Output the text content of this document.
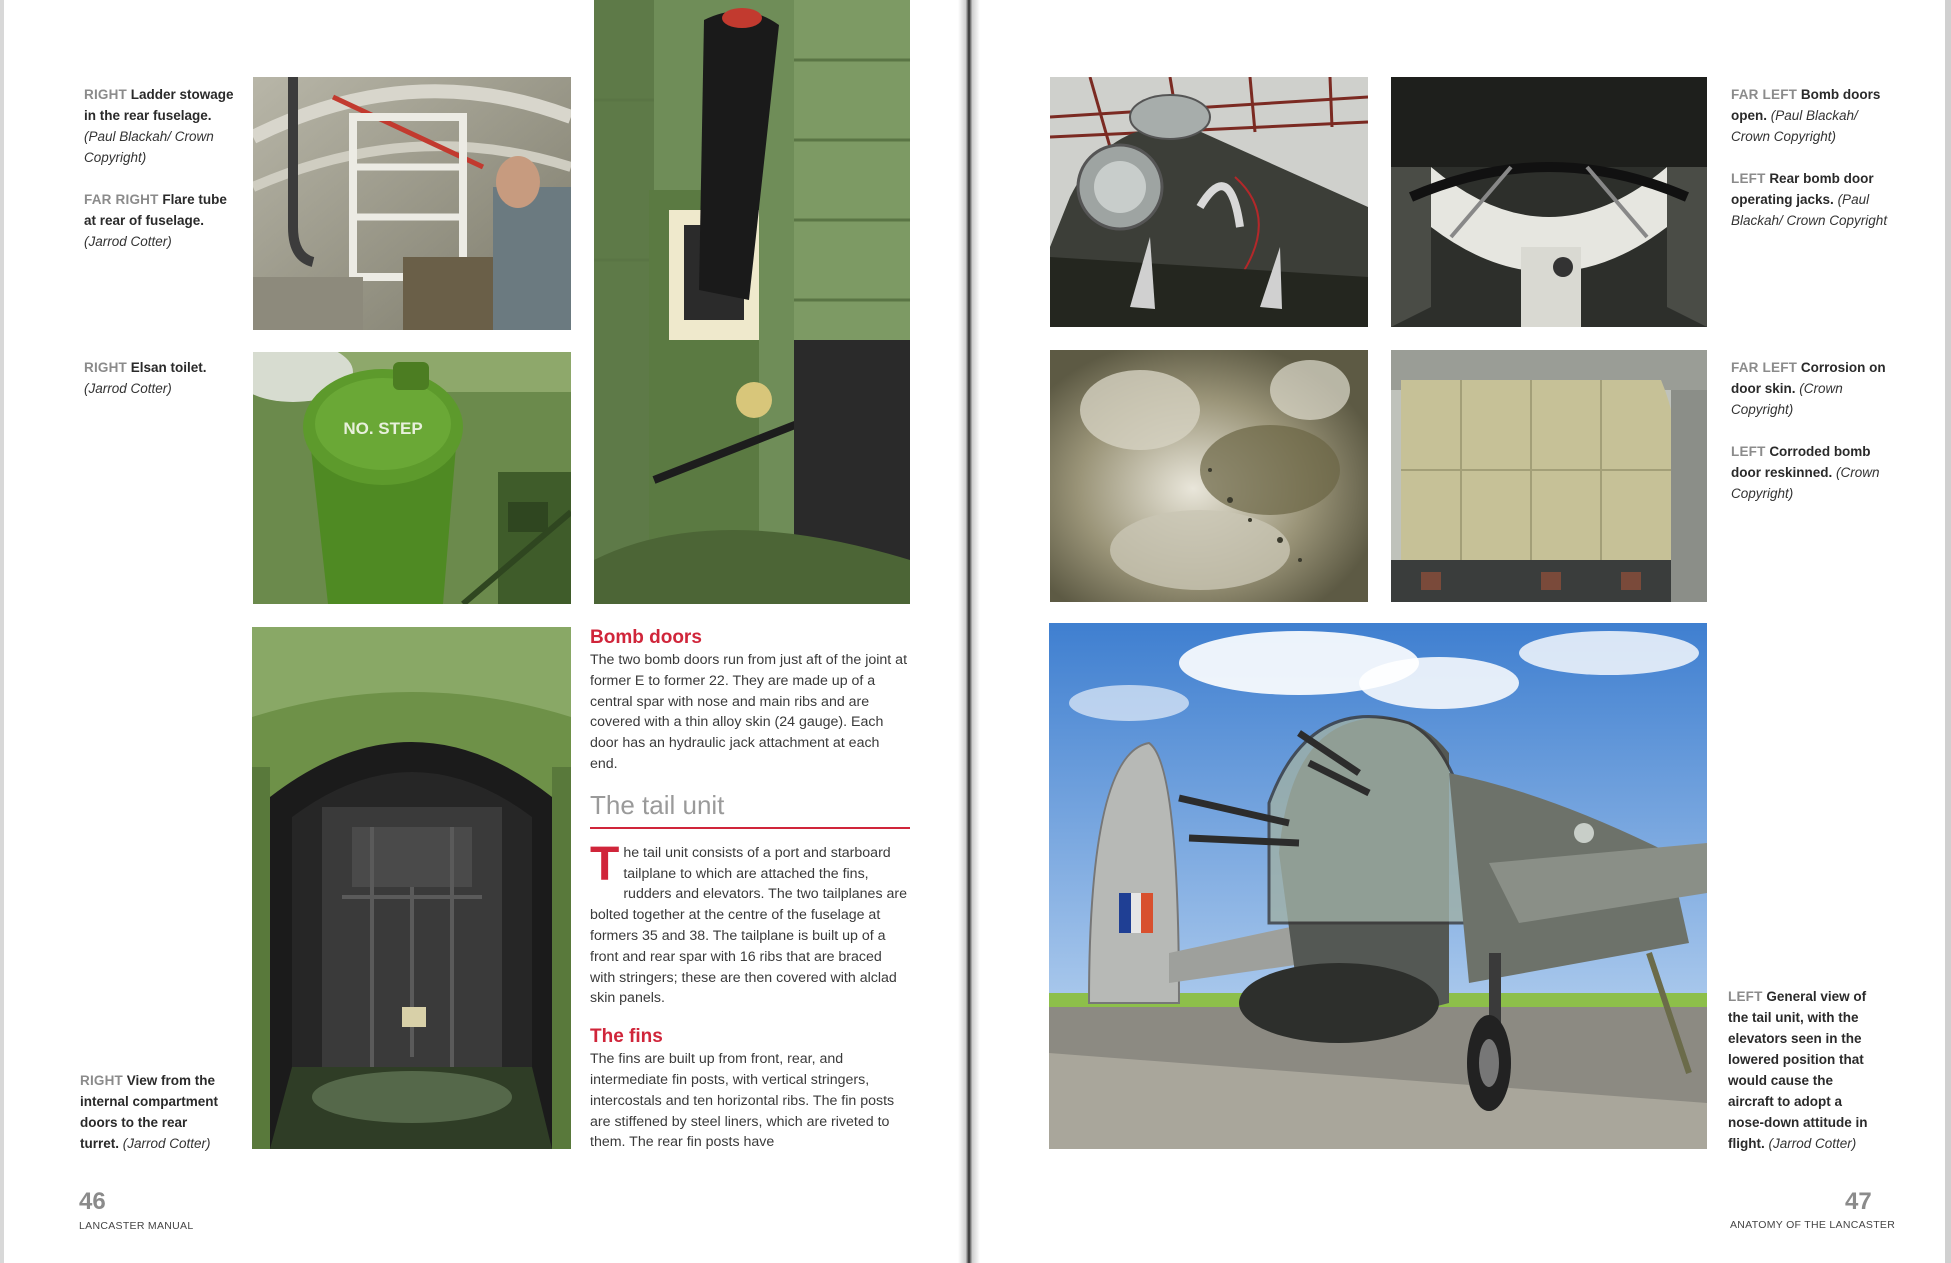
RIGHT Ladder stowage in the rear fuselage. (Paul Blackah/ Crown Copyright)

FAR RIGHT Flare tube at rear of fuselage. (Jarrod Cotter)

RIGHT Elsan toilet. (Jarrod Cotter)
RIGHT View from the internal compartment doors to the rear turret. (Jarrod Cotter)
NO. STEP
Bomb doors
The two bomb doors run from just aft of the joint at former E to former 22. They are made up of a central spar with nose and main ribs and are covered with a thin alloy skin (24 gauge). Each door has an hydraulic jack attachment at each end.
The tail unit
T he tail unit consists of a port and starboard tailplane to which are attached the fins, rudders and elevators. The two tailplanes are bolted together at the centre of the fuselage at formers 35 and 38. The tailplane is built up of a front and rear spar with 16 ribs that are braced with stringers; these are then covered with alclad skin panels.
The fins
The fins are built up from front, rear, and intermediate fin posts, with vertical stringers, intercostals and ten horizontal ribs. The fin posts are stiffened by steel liners, which are riveted to them. The rear fin posts have
46
LANCASTER MANUAL

FAR LEFT Bomb doors open. (Paul Blackah/ Crown Copyright)

LEFT Rear bomb door operating jacks. (Paul Blackah/ Crown Copyright

FAR LEFT Corrosion on door skin. (Crown Copyright)

LEFT Corroded bomb door reskinned. (Crown Copyright)

LEFT General view of the tail unit, with the elevators seen in the lowered position that would cause the aircraft to adopt a nose-down attitude in flight. (Jarrod Cotter)
47
ANATOMY OF THE LANCASTER
